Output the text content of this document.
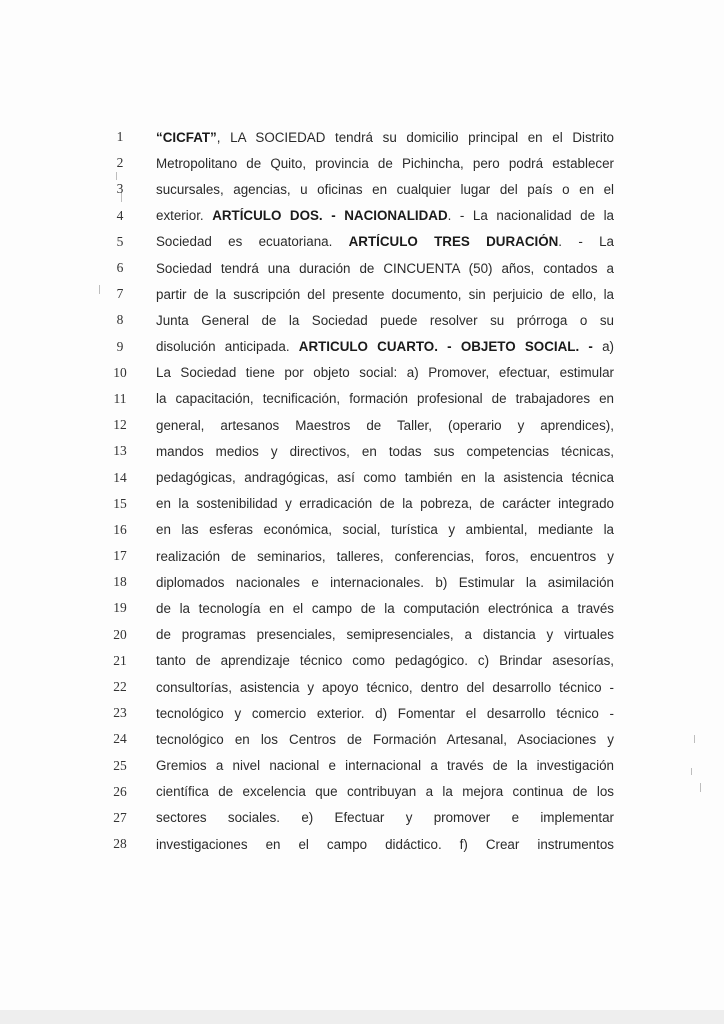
1	“CICFAT”, LA SOCIEDAD tendrá su domicilio principal en el Distrito
2	Metropolitano de Quito, provincia de Pichincha, pero podrá establecer
3	sucursales, agencias, u oficinas en cualquier lugar del país o en el
4	exterior. ARTÍCULO DOS. - NACIONALIDAD. - La nacionalidad de la
5	Sociedad es ecuatoriana. ARTÍCULO TRES DURACIÓN. - La
6	Sociedad tendrá una duración de CINCUENTA (50) años, contados a
7	partir de la suscripción del presente documento, sin perjuicio de ello, la
8	Junta General de la Sociedad puede resolver su prórroga o su
9	disolución anticipada. ARTICULO CUARTO. - OBJETO SOCIAL. - a)
10	La Sociedad tiene por objeto social: a) Promover, efectuar, estimular
11	la capacitación, tecnificación, formación profesional de trabajadores en
12	general, artesanos Maestros de Taller, (operario y aprendices),
13	mandos medios y directivos, en todas sus competencias técnicas,
14	pedagógicas, andragógicas, así como también en la asistencia técnica
15	en la sostenibilidad y erradicación de la pobreza, de carácter integrado
16	en las esferas económica, social, turística y ambiental, mediante la
17	realización de seminarios, talleres, conferencias, foros, encuentros y
18	diplomados nacionales e internacionales. b) Estimular la asimilación
19	de la tecnología en el campo de la computación electrónica a través
20	de programas presenciales, semipresenciales, a distancia y virtuales
21	tanto de aprendizaje técnico como pedagógico. c) Brindar asesorías,
22	consultorías, asistencia y apoyo técnico, dentro del desarrollo técnico -
23	tecnológico y comercio exterior. d) Fomentar el desarrollo técnico -
24	tecnológico en los Centros de Formación Artesanal, Asociaciones y
25	Gremios a nivel nacional e internacional a través de la investigación
26	científica de excelencia que contribuyan a la mejora continua de los
27	sectores sociales. e) Efectuar y promover e implementar
28	investigaciones en el campo didáctico. f) Crear instrumentos
